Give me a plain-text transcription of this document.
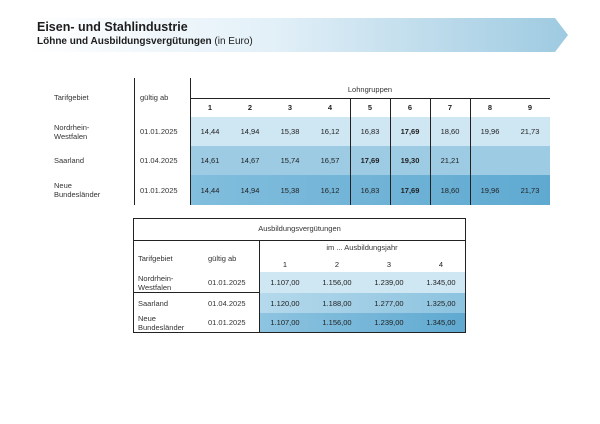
Eisen- und Stahlindustrie
Löhne und Ausbildungsvergütungen (in Euro)
Tarifgebiet	gültig ab
Lohngruppen
1	2	3	4	5	6	7	8	9
Nordrhein-
Westfalen	01.01.2025	14,44	14,94	15,38	16,12	16,83	17,69	18,60	19,96	21,73
Saarland	01.04.2025	14,61	14,67	15,74	16,57	17,69	19,30	21,21
Neue
Bundesländer	01.01.2025	14,44	14,94	15,38	16,12	16,83	17,69	18,60	19,96	21,73
Ausbildungsvergütungen
Tarifgebiet	gültig ab
im ... Ausbildungsjahr
1	2	3	4
Nordrhein-
Westfalen	01.01.2025	1.107,00	1.156,00	1.239,00	1.345,00
Saarland	01.04.2025	1.120,00	1.188,00	1.277,00	1.325,00
Neue
Bundesländer	01.01.2025	1.107,00	1.156,00	1.239,00	1.345,00
